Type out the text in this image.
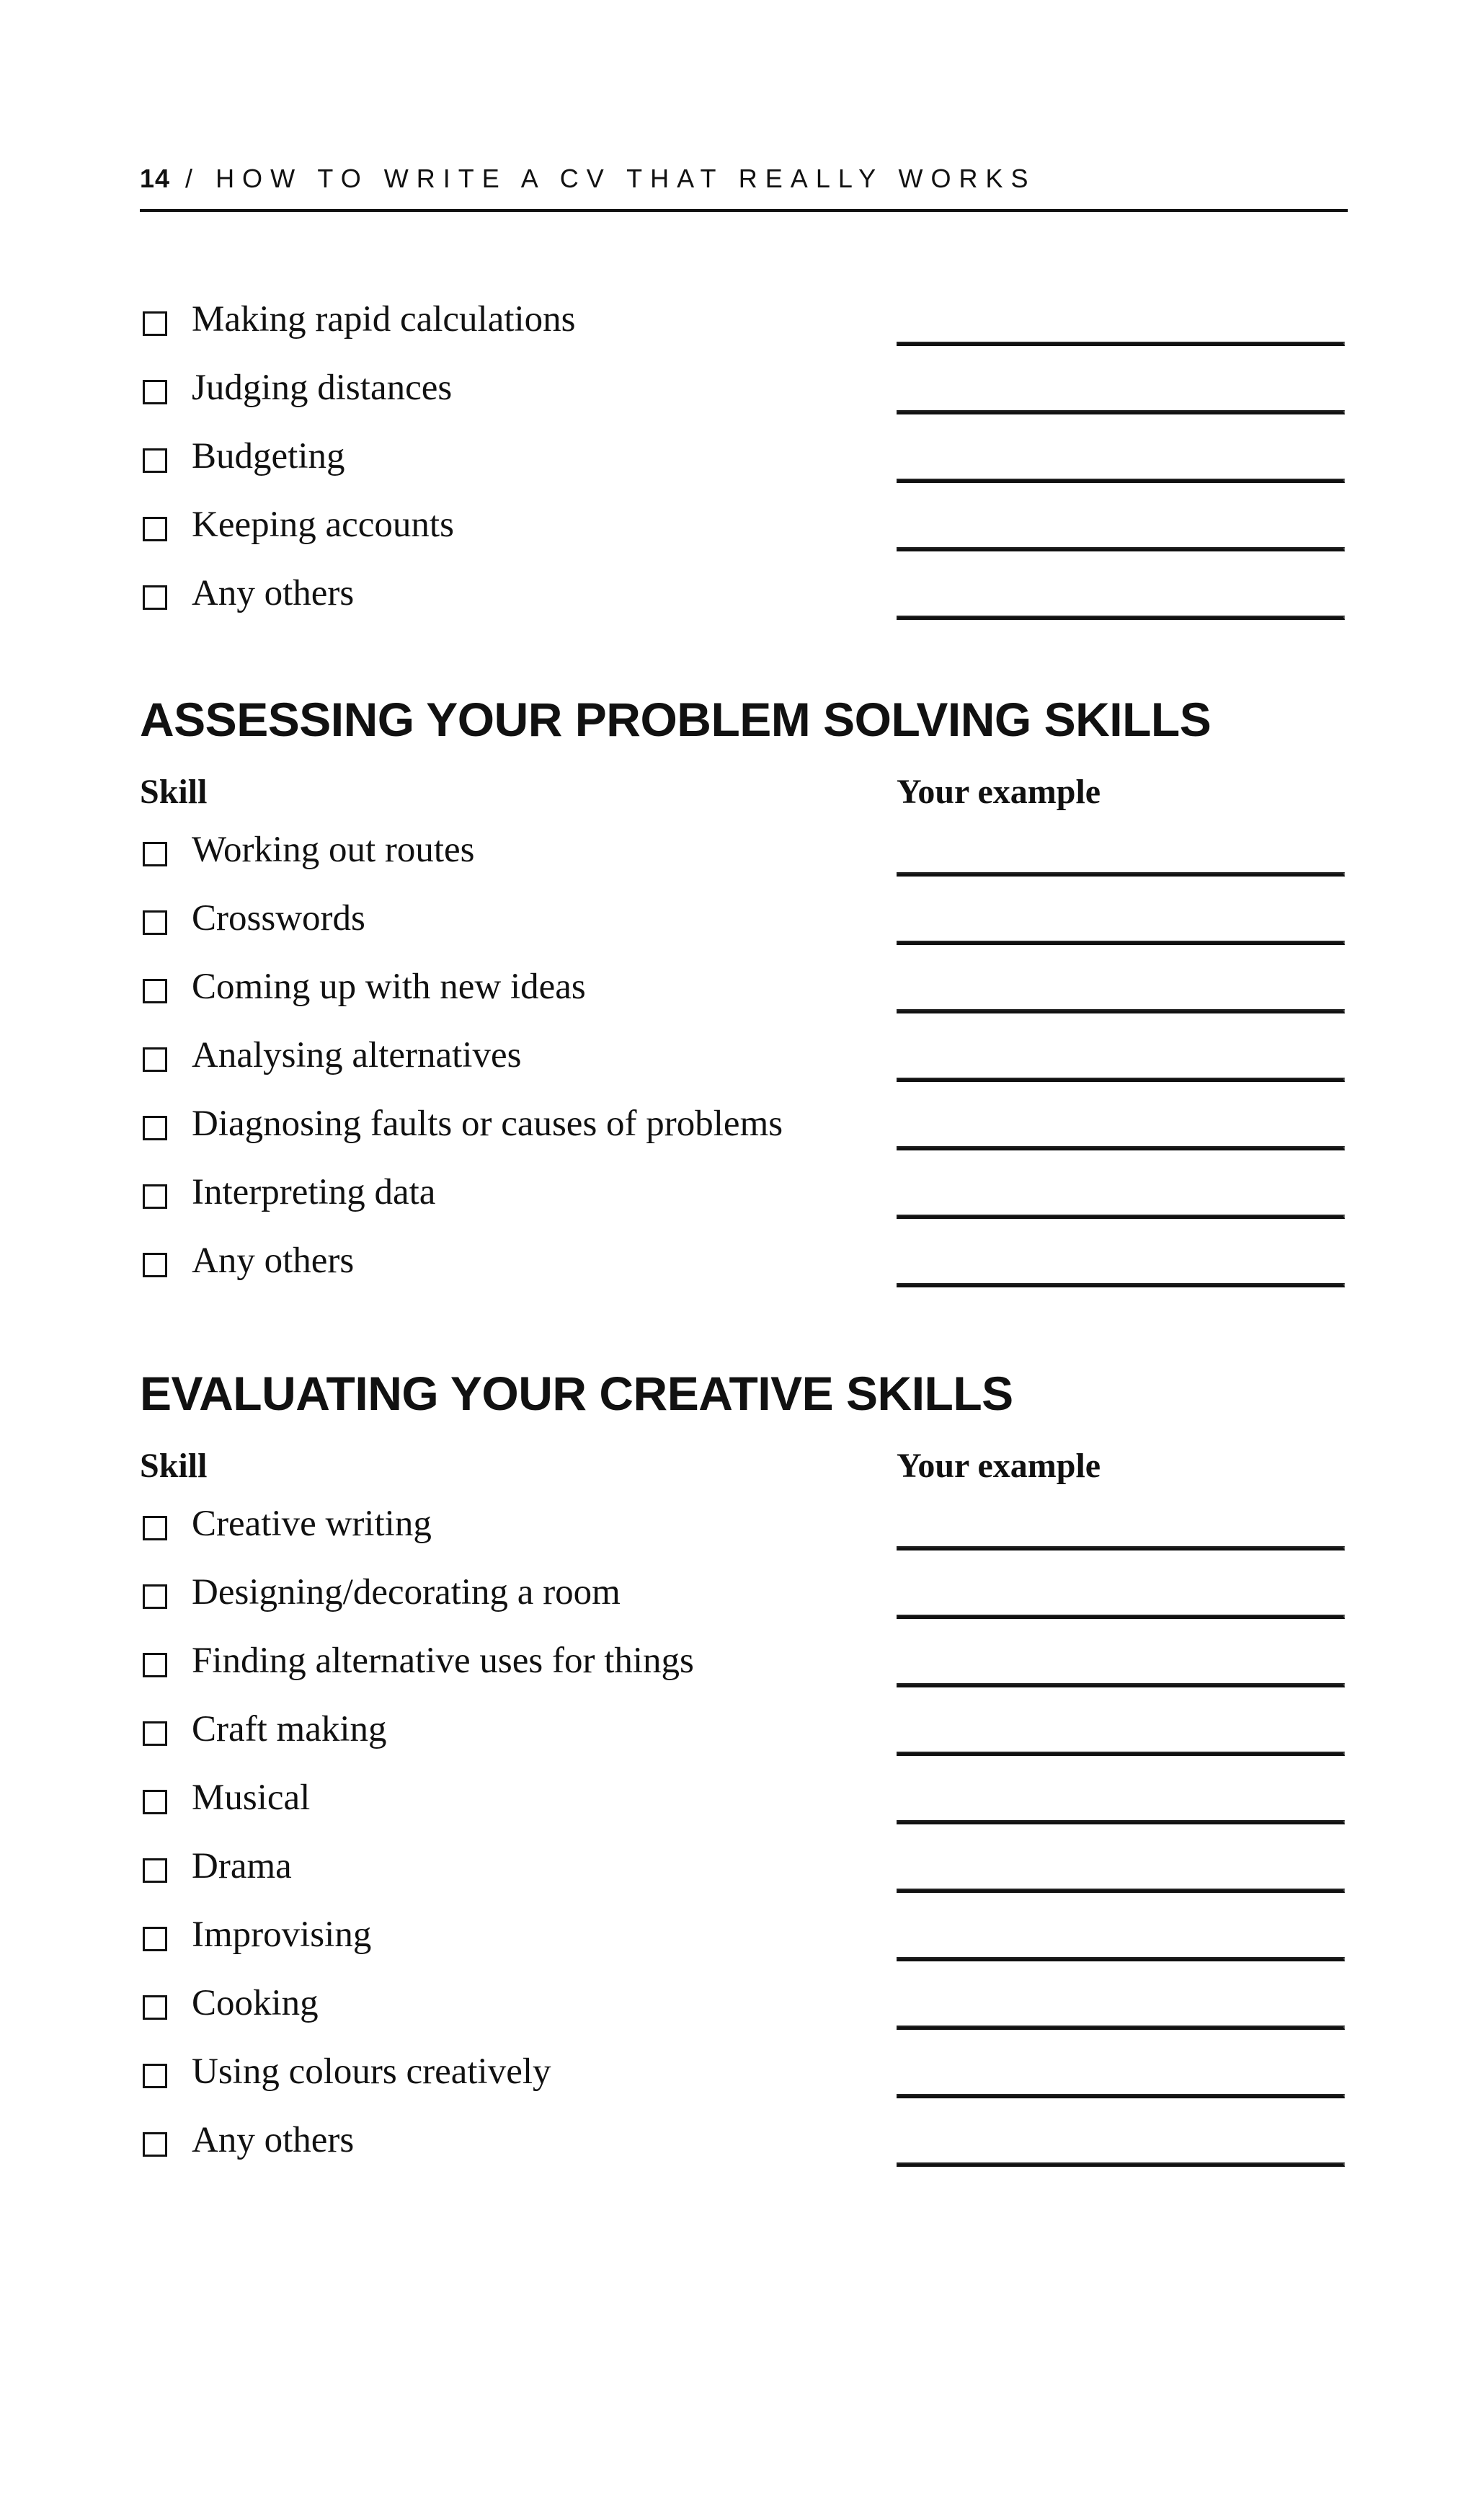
14 / HOW TO WRITE A CV THAT REALLY WORKS
Making rapid calculations
Judging distances
Budgeting
Keeping accounts
Any others
ASSESSING YOUR PROBLEM SOLVING SKILLS
Skill	Your example
Working out routes
Crosswords
Coming up with new ideas
Analysing alternatives
Diagnosing faults or causes of problems
Interpreting data
Any others
EVALUATING YOUR CREATIVE SKILLS
Skill	Your example
Creative writing
Designing/decorating a room
Finding alternative uses for things
Craft making
Musical
Drama
Improvising
Cooking
Using colours creatively
Any others
